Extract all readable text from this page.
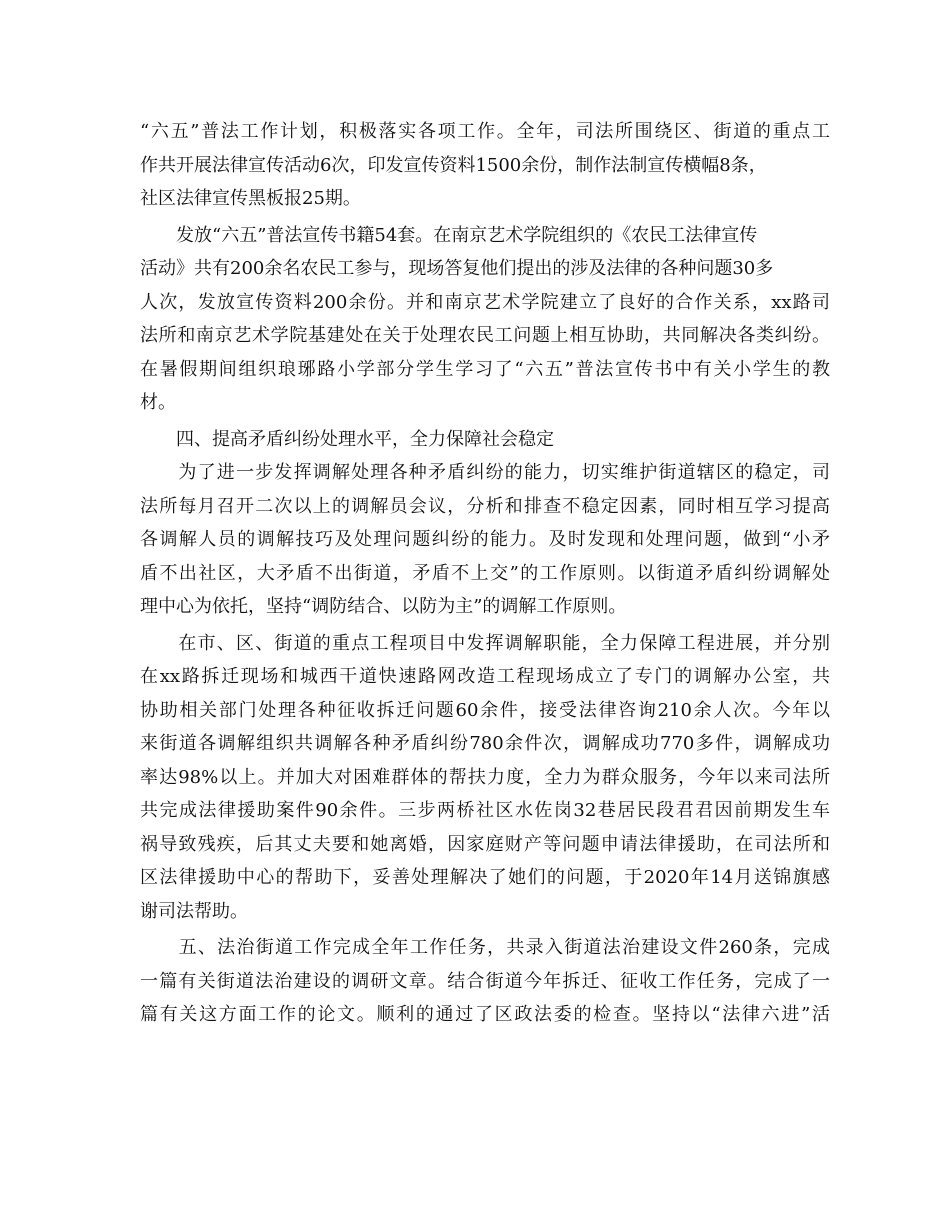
“六五”普法工作计划，积极落实各项工作。全年，司法所围绕区、街道的重点工
作共开展法律宣传活动6次，印发宣传资料1500余份，制作法制宣传横幅8条，
社区法律宣传黑板报25期。
　　发放“六五”普法宣传书籍54套。在南京艺术学院组织的《农民工法律宣传
活动》共有200余名农民工参与，现场答复他们提出的涉及法律的各种问题30多
人次，发放宣传资料200余份。并和南京艺术学院建立了良好的合作关系，xx路司
法所和南京艺术学院基建处在关于处理农民工问题上相互协助，共同解决各类纠纷。
在暑假期间组织琅琊路小学部分学生学习了“六五”普法宣传书中有关小学生的教
材。
　　四、提高矛盾纠纷处理水平，全力保障社会稳定
　　为了进一步发挥调解处理各种矛盾纠纷的能力，切实维护街道辖区的稳定，司
法所每月召开二次以上的调解员会议，分析和排查不稳定因素，同时相互学习提高
各调解人员的调解技巧及处理问题纠纷的能力。及时发现和处理问题，做到“小矛
盾不出社区，大矛盾不出街道，矛盾不上交”的工作原则。以街道矛盾纠纷调解处
理中心为依托，坚持“调防结合、以防为主”的调解工作原则。
　　在市、区、街道的重点工程项目中发挥调解职能，全力保障工程进展，并分别
在xx路拆迁现场和城西干道快速路网改造工程现场成立了专门的调解办公室，共
协助相关部门处理各种征收拆迁问题60余件，接受法律咨询210余人次。今年以
来街道各调解组织共调解各种矛盾纠纷780余件次，调解成功770多件，调解成功
率达98%以上。并加大对困难群体的帮扶力度，全力为群众服务，今年以来司法所
共完成法律援助案件90余件。三步两桥社区水佐岗32巷居民段君君因前期发生车
祸导致残疾，后其丈夫要和她离婚，因家庭财产等问题申请法律援助，在司法所和
区法律援助中心的帮助下，妥善处理解决了她们的问题，于2020年14月送锦旗感
谢司法帮助。
　　五、法治街道工作完成全年工作任务，共录入街道法治建设文件260条，完成
一篇有关街道法治建设的调研文章。结合街道今年拆迁、征收工作任务，完成了一
篇有关这方面工作的论文。顺利的通过了区政法委的检查。坚持以“法律六进”活
